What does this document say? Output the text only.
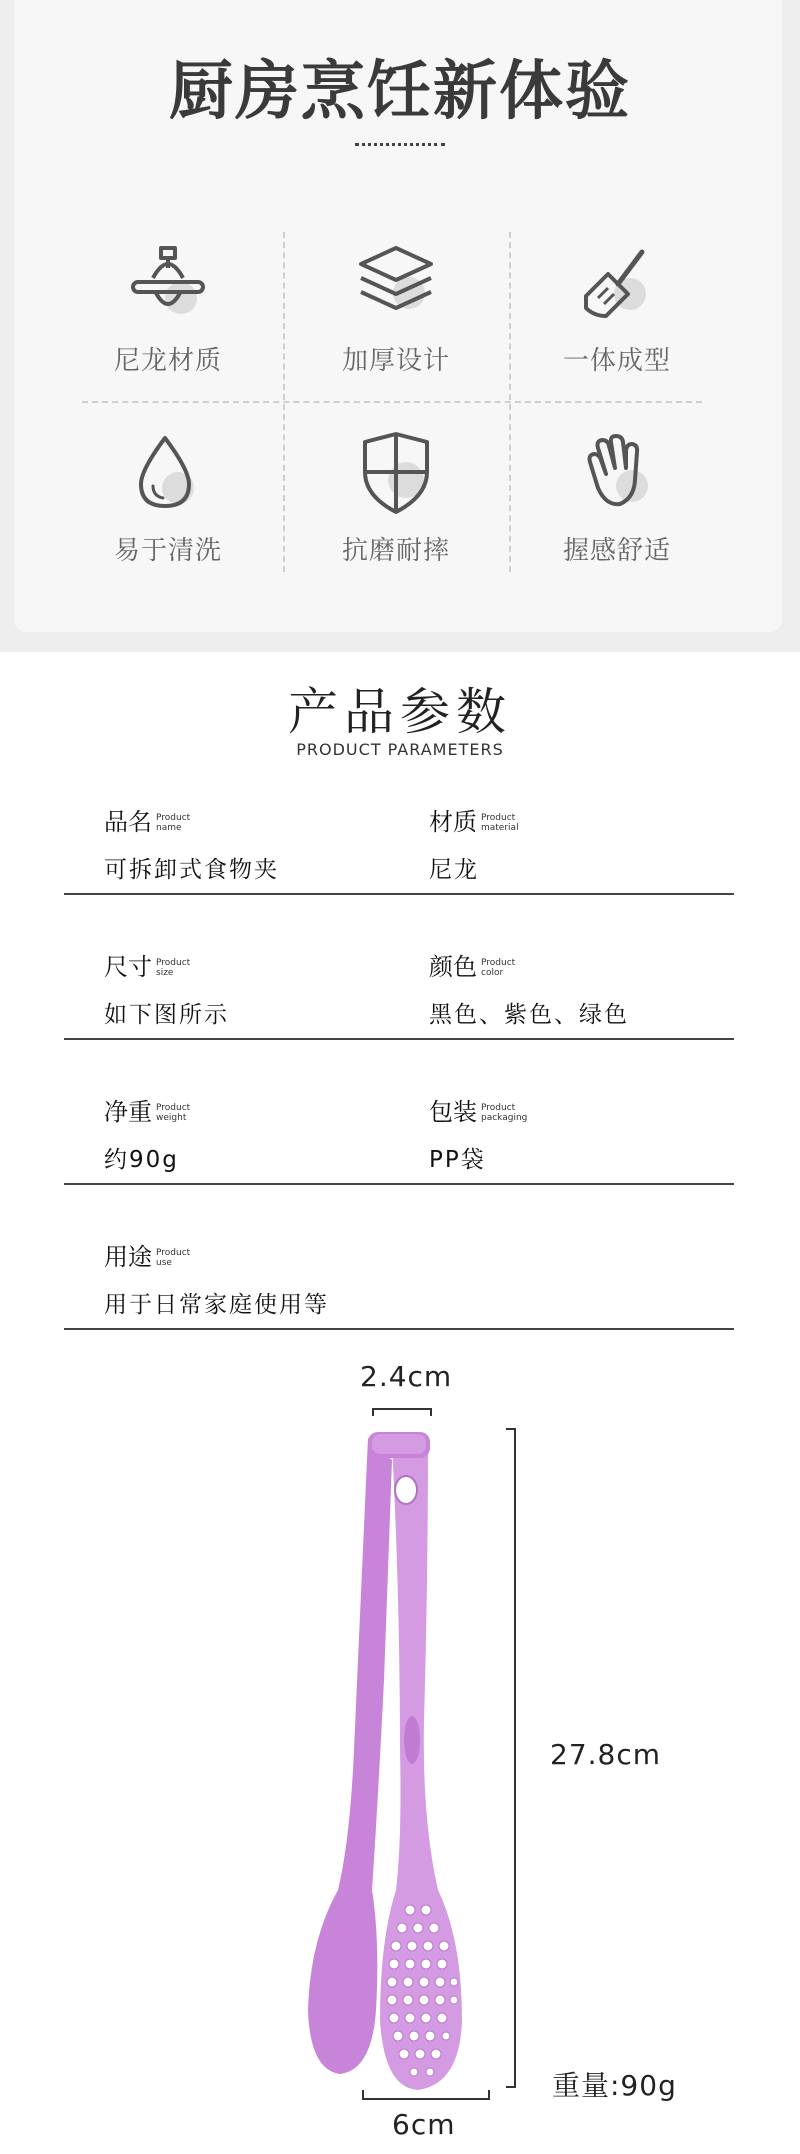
厨房烹饪新体验
尼龙材质	加厚设计	一体成型
易于清洗	抗磨耐摔	握感舒适
产品参数
PRODUCT PARAMETERS
品名 Product
name
可拆卸式食物夹
材质 Product
material
尼龙
尺寸 Product
size
如下图所示
颜色 Product
color
黑色、紫色、绿色
净重 Product
weight
约90g
包装 Product
packaging
PP袋
用途 Product
use
用于日常家庭使用等
2.4cm
27.8cm
重量:90g
6cm
